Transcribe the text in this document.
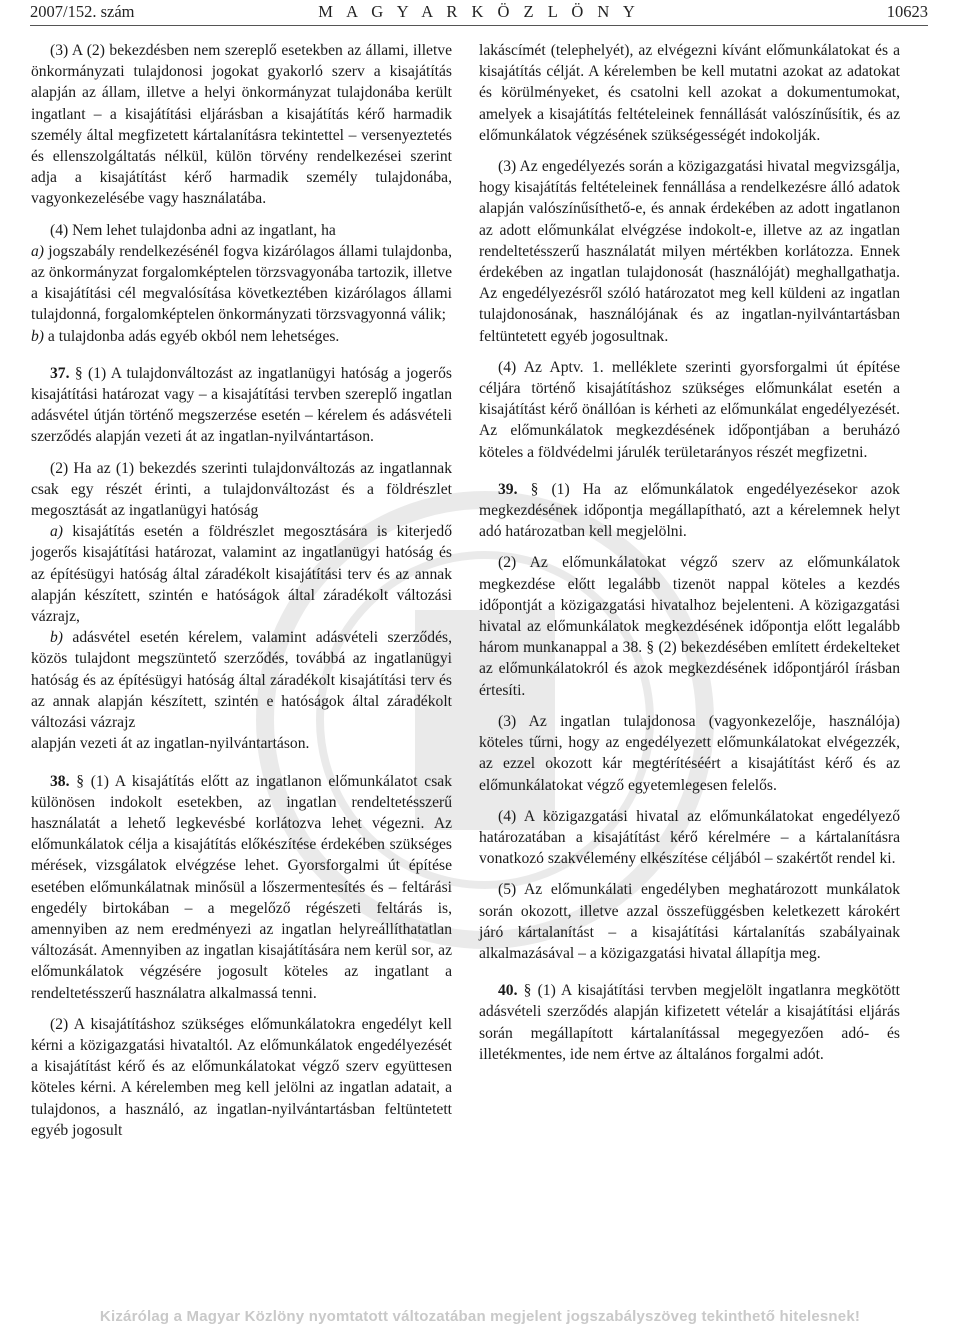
2007/152. szám	M A G Y A R K Ö Z L Ö N Y	10623

(3) A (2) bekezdésben nem szereplő esetekben az állami, illetve önkormányzati tulajdonosi jogokat gyakorló szerv a kisajátítás alapján az állam, illetve a helyi önkormányzat tulajdonába került ingatlant – a kisajátítási eljárásban a kisajátítás kérő harmadik személy által megfizetett kártalanításra tekintettel – versenyeztetés és ellenszolgáltatás nélkül, külön törvény rendelkezései szerint adja a kisajátítást kérő harmadik személy tulajdonába, vagyonkezelésébe vagy használatába.

(4) Nem lehet tulajdonba adni az ingatlant, ha

a) jogszabály rendelkezésénél fogva kizárólagos állami tulajdonba, az önkormányzat forgalomképtelen törzsvagyonába tartozik, illetve a kisajátítási cél megvalósítása következtében kizárólagos állami tulajdonná, forgalomképtelen önkormányzati törzsvagyonná válik;

b) a tulajdonba adás egyéb okból nem lehetséges.

37. § (1) A tulajdonváltozást az ingatlanügyi hatóság a jogerős kisajátítási határozat vagy – a kisajátítási tervben szereplő ingatlan adásvétel útján történő megszerzése esetén – kérelem és adásvételi szerződés alapján vezeti át az ingatlan-nyilvántartáson.

(2) Ha az (1) bekezdés szerinti tulajdonváltozás az ingatlannak csak egy részét érinti, a tulajdonváltozást és a földrészlet megosztását az ingatlanügyi hatóság

a) kisajátítás esetén a földrészlet megosztására is kiterjedő jogerős kisajátítási határozat, valamint az ingatlanügyi hatóság és az építésügyi hatóság által záradékolt kisajátítási terv és az annak alapján készített, szintén e hatóságok által záradékolt változási vázrajz,

b) adásvétel esetén kérelem, valamint adásvételi szerződés, közös tulajdont megszüntető szerződés, továbbá az ingatlanügyi hatóság és az építésügyi hatóság által záradékolt kisajátítási terv és az annak alapján készített, szintén e hatóságok által záradékolt változási vázrajz

alapján vezeti át az ingatlan-nyilvántartáson.

38. § (1) A kisajátítás előtt az ingatlanon előmunkálatot csak különösen indokolt esetekben, az ingatlan rendeltetésszerű használatát a lehető legkevésbé korlátozva lehet végezni. Az előmunkálatok célja a kisajátítás előkészítése érdekében szükséges mérések, vizsgálatok elvégzése lehet. Gyorsforgalmi út építése esetében előmunkálatnak minősül a lőszermentesítés és – feltárási engedély birtokában – a megelőző régészeti feltárás is, amennyiben az nem eredményezi az ingatlan helyreállíthatatlan változását. Amennyiben az ingatlan kisajátítására nem kerül sor, az előmunkálatok végzésére jogosult köteles az ingatlant a rendeltetésszerű használatra alkalmassá tenni.

(2) A kisajátításhoz szükséges előmunkálatokra engedélyt kell kérni a közigazgatási hivataltól. Az előmunkálatok engedélyezését a kisajátítást kérő és az előmunkálatokat végző szerv együttesen köteles kérni. A kérelemben meg kell jelölni az ingatlan adatait, a tulajdonos, a használó, az ingatlan-nyilvántartásban feltüntetett egyéb jogosult

lakáscímét (telephelyét), az elvégezni kívánt előmunkálatokat és a kisajátítás célját. A kérelemben be kell mutatni azokat az adatokat és körülményeket, és csatolni kell azokat a dokumentumokat, amelyek a kisajátítás feltételeinek fennállását valószínűsítik, és az előmunkálatok végzésének szükségességét indokolják.

(3) Az engedélyezés során a közigazgatási hivatal megvizsgálja, hogy kisajátítás feltételeinek fennállása a rendelkezésre álló adatok alapján valószínűsíthető-e, és annak érdekében az adott ingatlanon az adott előmunkálat elvégzése indokolt-e, illetve az az ingatlan rendeltetésszerű használatát milyen mértékben korlátozza. Ennek érdekében az ingatlan tulajdonosát (használóját) meghallgathatja. Az engedélyezésről szóló határozatot meg kell küldeni az ingatlan tulajdonosának, használójának és az ingatlan-nyilvántartásban feltüntetett egyéb jogosultnak.

(4) Az Aptv. 1. melléklete szerinti gyorsforgalmi út építése céljára történő kisajátításhoz szükséges előmunkálat esetén a kisajátítást kérő önállóan is kérheti az előmunkálat engedélyezését. Az előmunkálatok megkezdésének időpontjában a beruházó köteles a földvédelmi járulék területarányos részét megfizetni.

39. § (1) Ha az előmunkálatok engedélyezésekor azok megkezdésének időpontja megállapítható, azt a kérelemnek helyt adó határozatban kell megjelölni.

(2) Az előmunkálatokat végző szerv az előmunkálatok megkezdése előtt legalább tizenöt nappal köteles a kezdés időpontját a közigazgatási hivatalhoz bejelenteni. A közigazgatási hivatal az előmunkálatok megkezdésének időpontja előtt legalább három munkanappal a 38. § (2) bekezdésében említett érdekelteket az előmunkálatokról és azok megkezdésének időpontjáról írásban értesíti.

(3) Az ingatlan tulajdonosa (vagyonkezelője, használója) köteles tűrni, hogy az engedélyezett előmunkálatokat elvégezzék, az ezzel okozott kár megtérítéséért a kisajátítást kérő és az előmunkálatokat végző egyetemlegesen felelős.

(4) A közigazgatási hivatal az előmunkálatokat engedélyező határozatában a kisajátítást kérő kérelmére – a kártalanításra vonatkozó szakvélemény elkészítése céljából – szakértőt rendel ki.

(5) Az előmunkálati engedélyben meghatározott munkálatok során okozott, illetve azzal összefüggésben keletkezett károkért járó kártalanítást – a kisajátítási kártalanítás szabályainak alkalmazásával – a közigazgatási hivatal állapítja meg.

40. § (1) A kisajátítási tervben megjelölt ingatlanra megkötött adásvételi szerződés alapján kifizetett vételár a kisajátítási eljárás során megállapított kártalanítással megegyezően adó- és illetékmentes, ide nem értve az általános forgalmi adót.

Kizárólag a Magyar Közlöny nyomtatott változatában megjelent jogszabályszöveg tekinthető hitelesnek!
